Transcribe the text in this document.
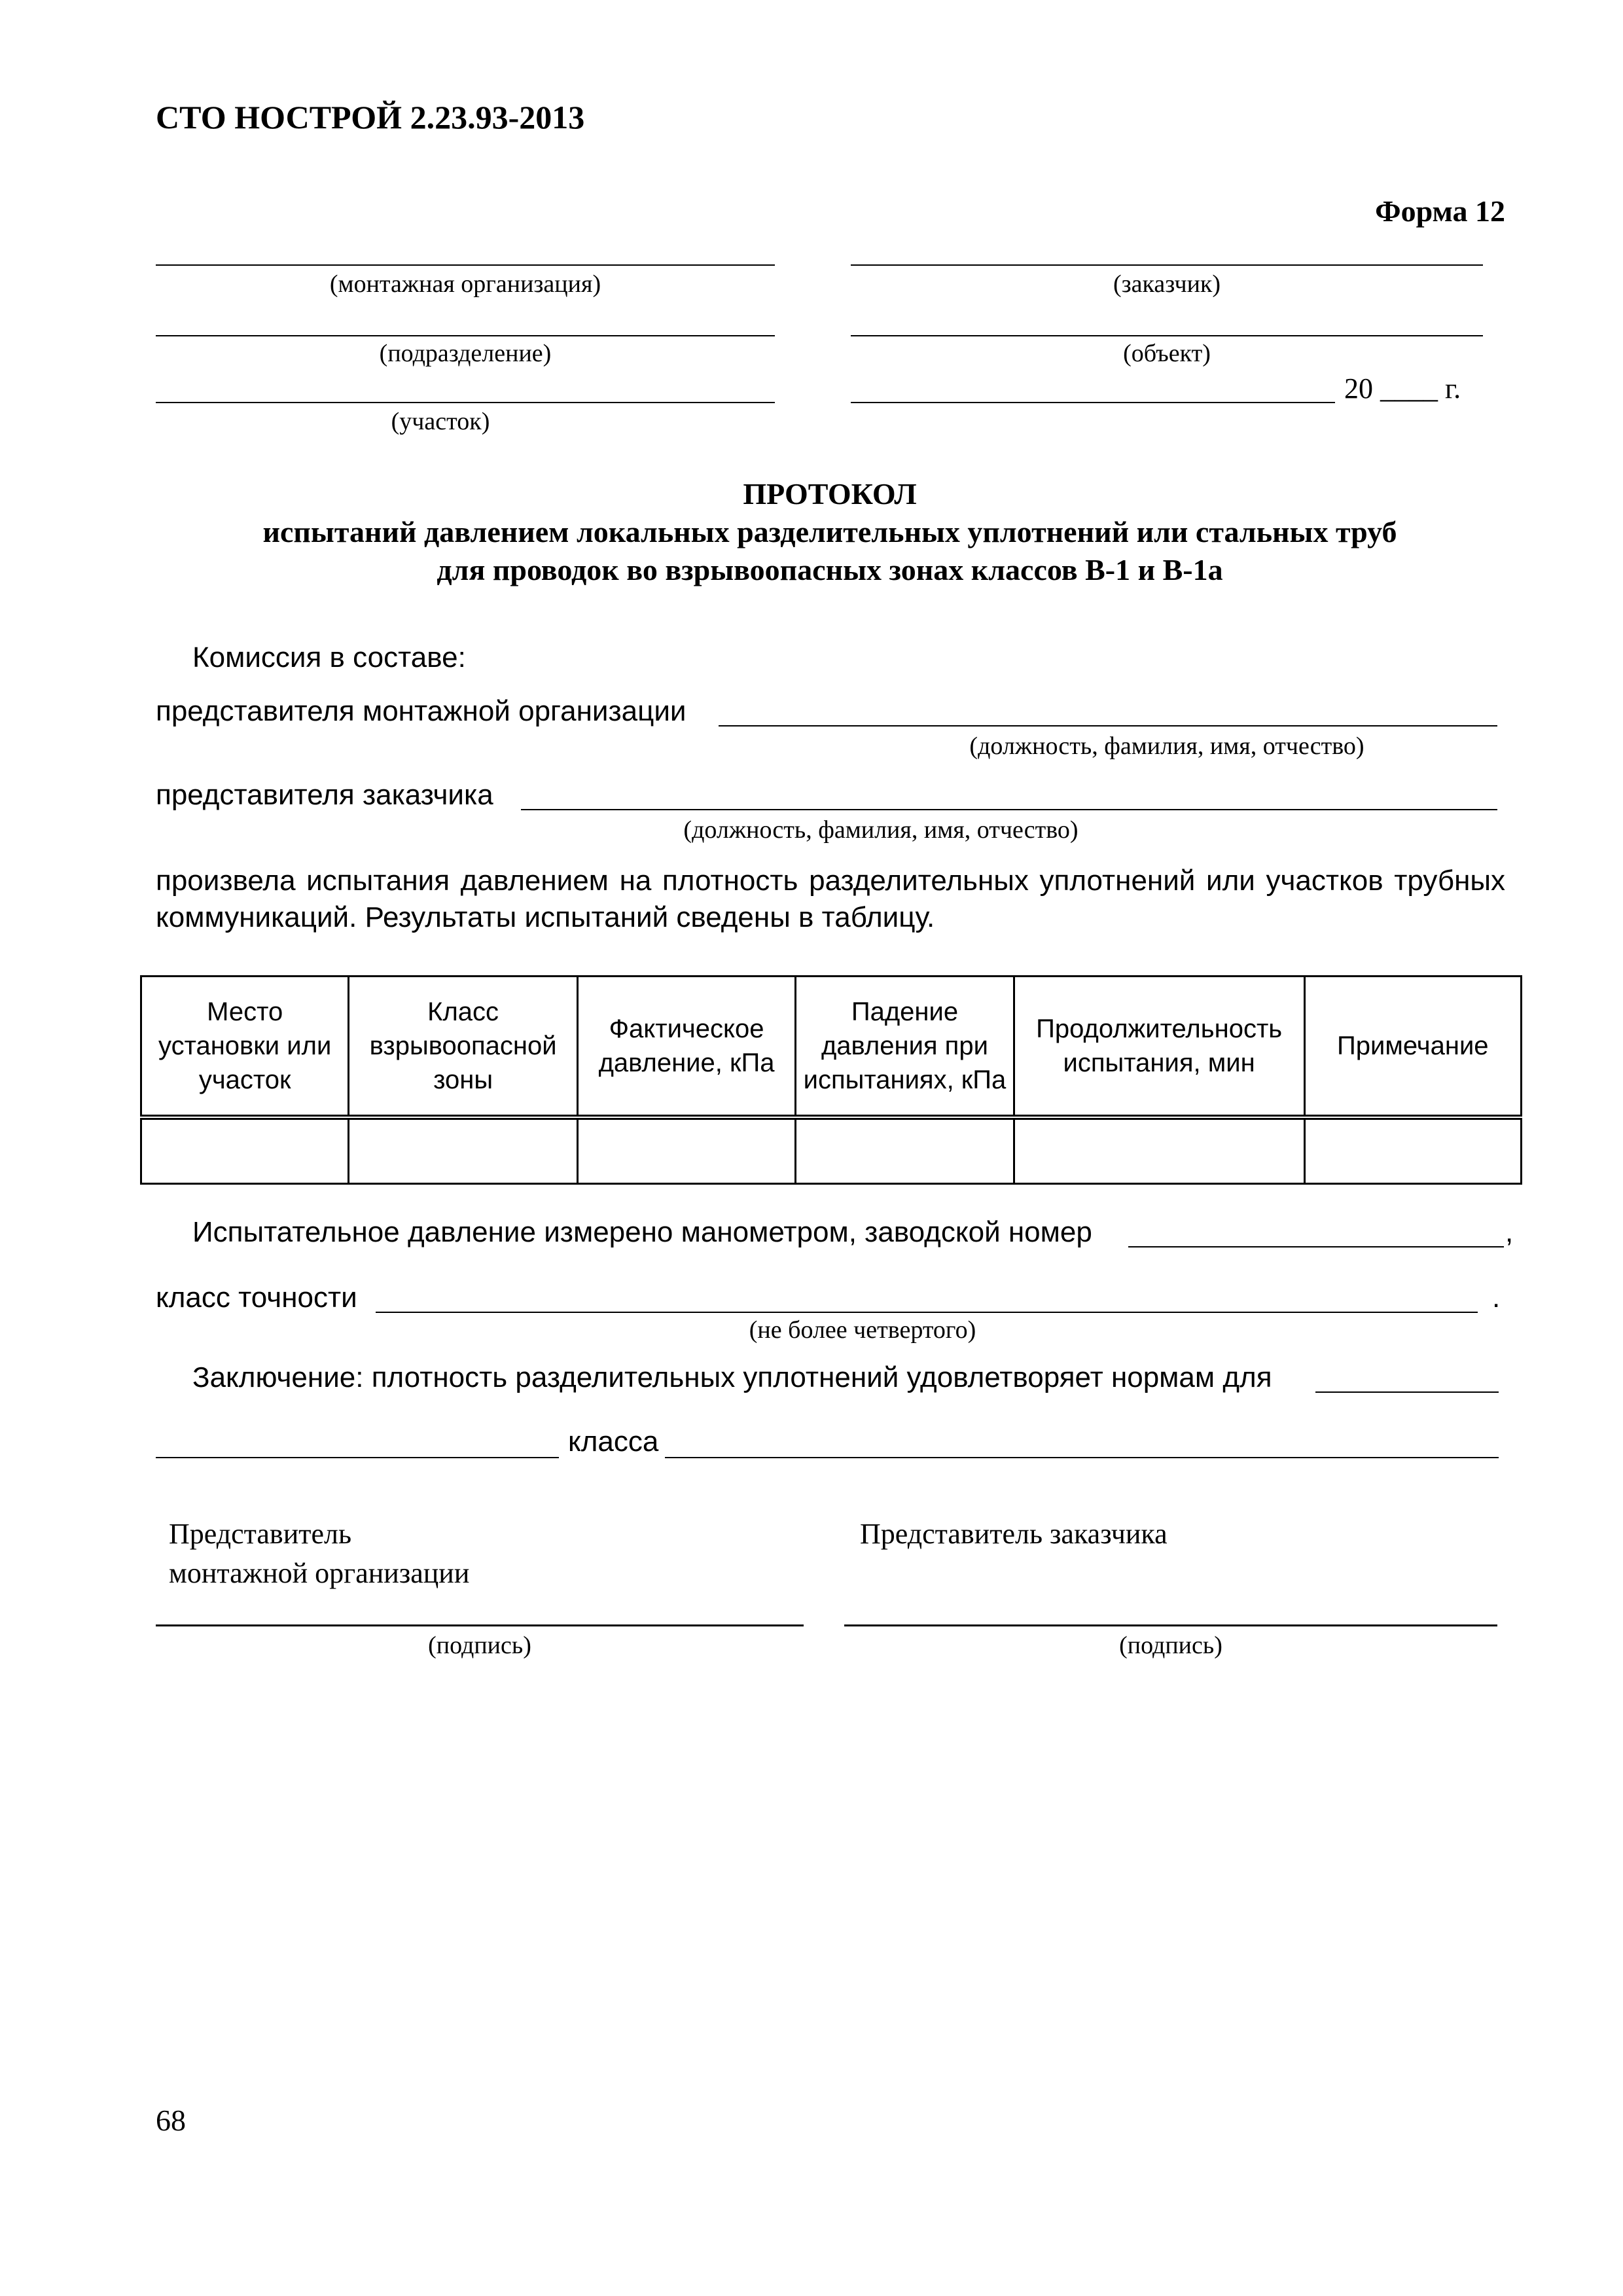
СТО НОСТРОЙ 2.23.93-2013
Форма 12
(монтажная организация)
(подразделение)
(участок)
(заказчик)
(объект)
20 ____ г.
ПРОТОКОЛ
испытаний давлением локальных разделительных уплотнений или стальных труб
для проводок во взрывоопасных зонах классов В-1 и В-1а
Комиссия в составе:
представителя монтажной организации
(должность, фамилия, имя, отчество)
представителя заказчика
(должность, фамилия, имя, отчество)
произвела испытания давлением на плотность разделительных уплотнений или участков трубных коммуникаций. Результаты испытаний сведены в таблицу.
Место установки или участок	Класс взрывоопасной зоны	Фактическое давление, кПа	Падение давления при испытаниях, кПа	Продолжительность испытания, мин	Примечание

Испытательное давление измерено манометром, заводской номер	,
класс точности	.
(не более четвертого)
Заключение: плотность разделительных уплотнений удовлетворяет нормам для
класса
Представитель
монтажной организации
Представитель заказчика
(подпись)	(подпись)
68
